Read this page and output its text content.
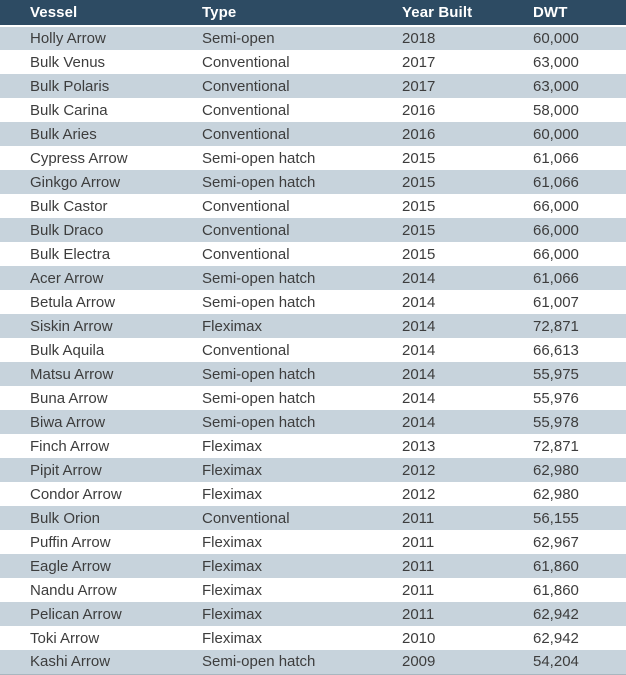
Vessel	Type	Year Built	DWT
Holly Arrow	Semi-open	2018	60,000
Bulk Venus	Conventional	2017	63,000
Bulk Polaris	Conventional	2017	63,000
Bulk Carina	Conventional	2016	58,000
Bulk Aries	Conventional	2016	60,000
Cypress Arrow	Semi-open hatch	2015	61,066
Ginkgo Arrow	Semi-open hatch	2015	61,066
Bulk Castor	Conventional	2015	66,000
Bulk Draco	Conventional	2015	66,000
Bulk Electra	Conventional	2015	66,000
Acer Arrow	Semi-open hatch	2014	61,066
Betula Arrow	Semi-open hatch	2014	61,007
Siskin Arrow	Fleximax	2014	72,871
Bulk Aquila	Conventional	2014	66,613
Matsu Arrow	Semi-open hatch	2014	55,975
Buna Arrow	Semi-open hatch	2014	55,976
Biwa Arrow	Semi-open hatch	2014	55,978
Finch Arrow	Fleximax	2013	72,871
Pipit Arrow	Fleximax	2012	62,980
Condor Arrow	Fleximax	2012	62,980
Bulk Orion	Conventional	2011	56,155
Puffin Arrow	Fleximax	2011	62,967
Eagle Arrow	Fleximax	2011	61,860
Nandu Arrow	Fleximax	2011	61,860
Pelican Arrow	Fleximax	2011	62,942
Toki Arrow	Fleximax	2010	62,942
Kashi Arrow	Semi-open hatch	2009	54,204
